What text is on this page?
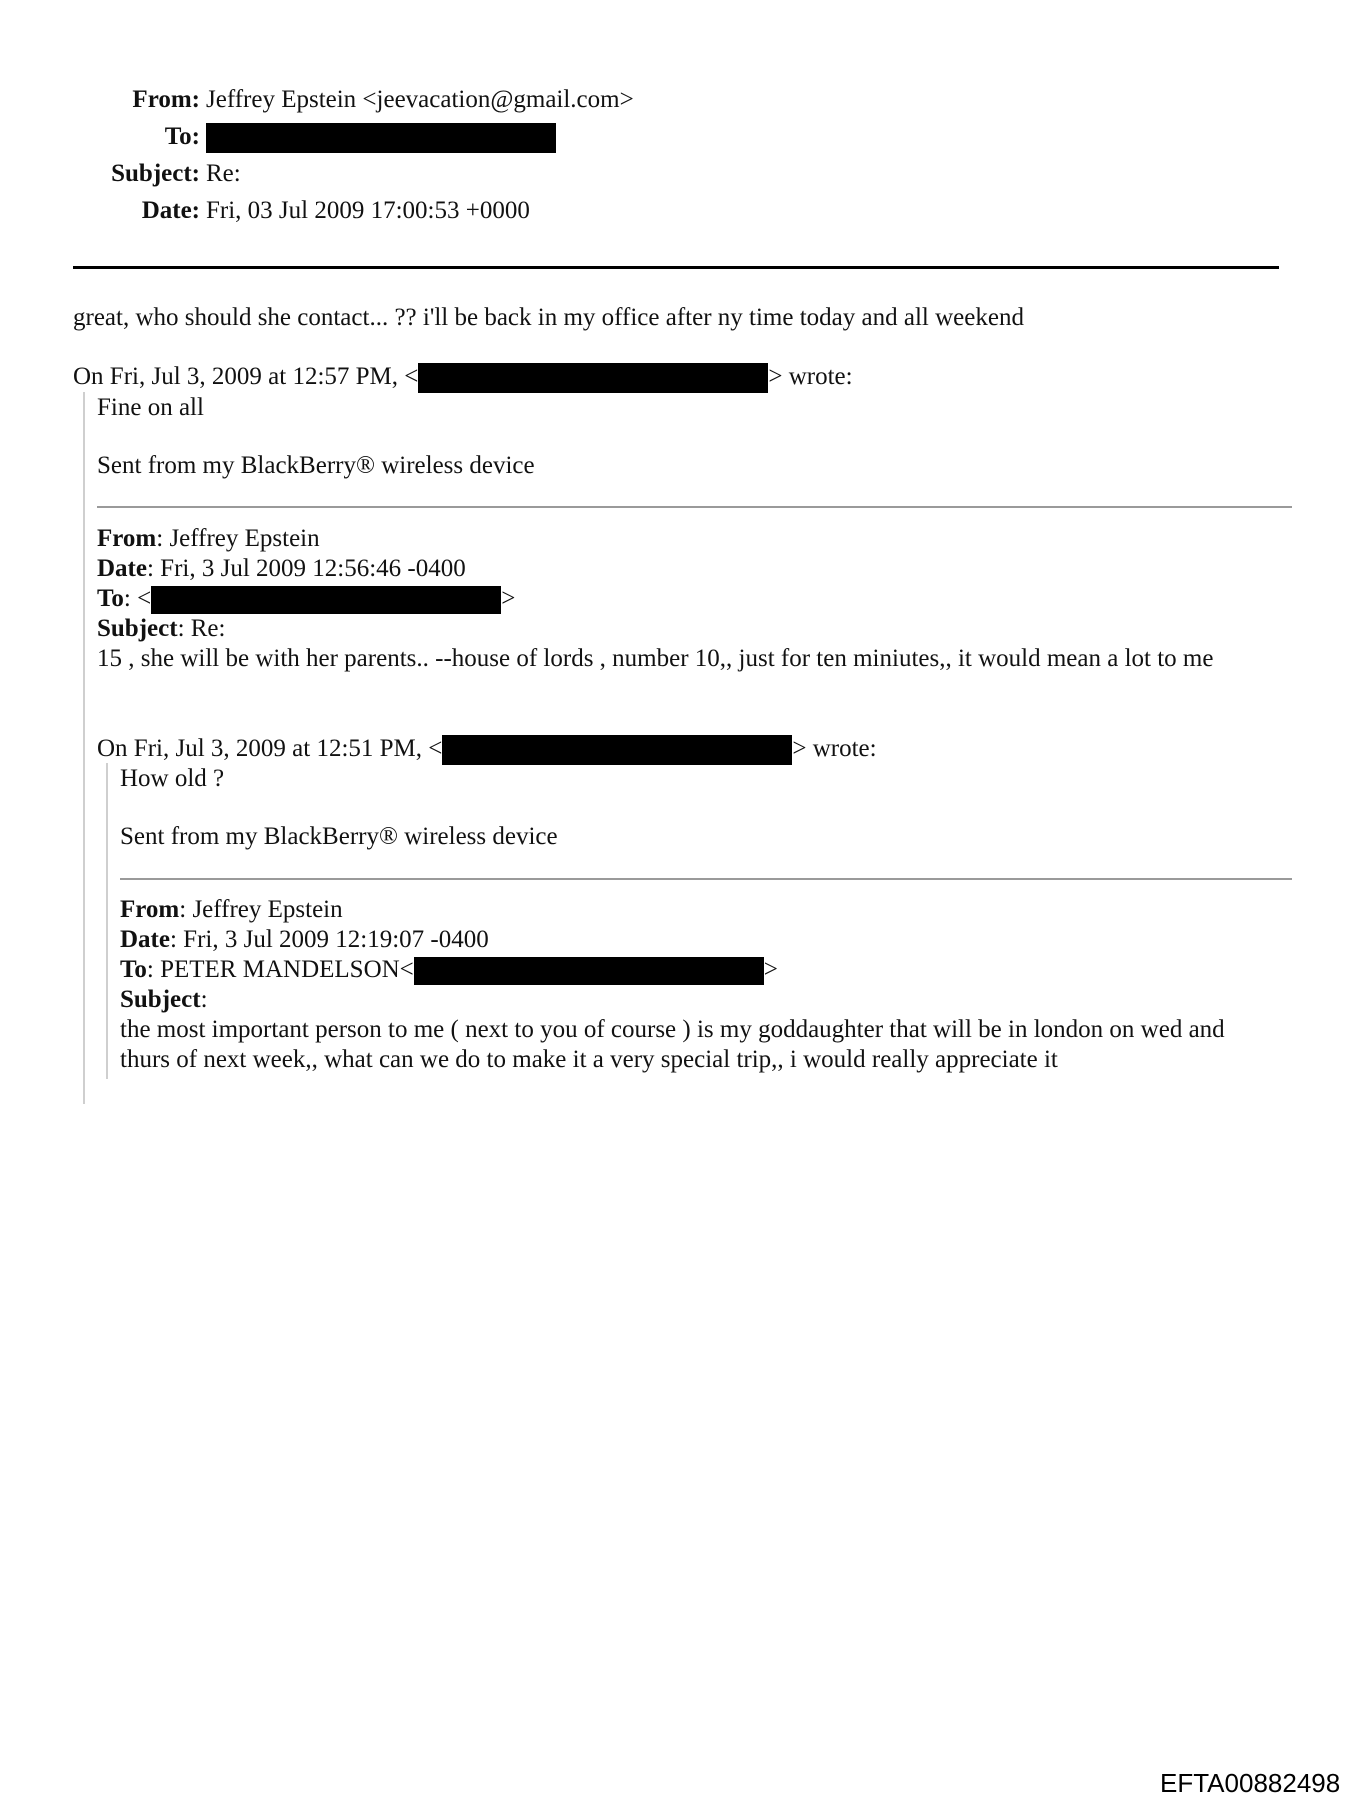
From: Jeffrey Epstein <jeevacation@gmail.com>
To:
Subject: Re:
Date: Fri, 03 Jul 2009 17:00:53 +0000
great, who should she contact... ?? i'll be back in my office after ny time today and all weekend
On Fri, Jul 3, 2009 at 12:57 PM, <	> wrote:
Fine on all
Sent from my BlackBerry® wireless device
From: Jeffrey Epstein
Date: Fri, 3 Jul 2009 12:56:46 -0400
To: <	>
Subject: Re:
15 , she will be with her parents.. --house of lords , number 10,, just for ten miniutes,, it would mean a lot to me
On Fri, Jul 3, 2009 at 12:51 PM, <	> wrote:
How old ?
Sent from my BlackBerry® wireless device
From: Jeffrey Epstein
Date: Fri, 3 Jul 2009 12:19:07 -0400
To: PETER MANDELSON<	>
Subject:
the most important person to me ( next to you of course ) is my goddaughter that will be in london on wed and thurs of next week,, what can we do to make it a very special trip,, i would really appreciate it
EFTA00882498
